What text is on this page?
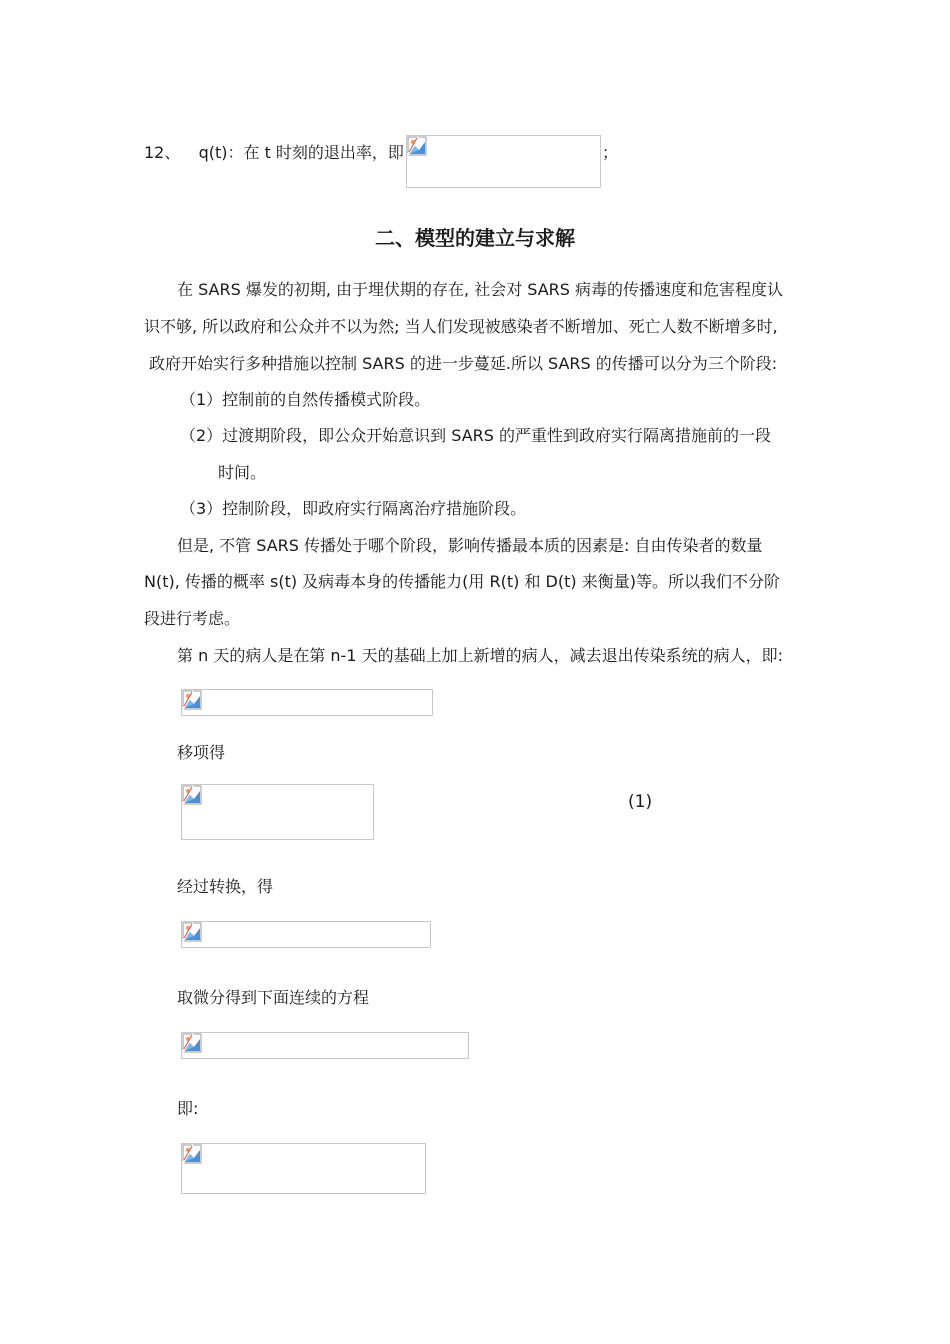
12、 q(t)：在 t 时刻的退出率，即	；
二、模型的建立与求解
在 SARS 爆发的初期, 由于埋伏期的存在, 社会对 SARS 病毒的传播速度和危害程度认
识不够, 所以政府和公众并不以为然; 当人们发现被感染者不断增加、死亡人数不断增多时,
政府开始实行多种措施以控制 SARS 的进一步蔓延.所以 SARS 的传播可以分为三个阶段:
（1）控制前的自然传播模式阶段。
（2）过渡期阶段，即公众开始意识到 SARS 的严重性到政府实行隔离措施前的一段
时间。
（3）控制阶段，即政府实行隔离治疗措施阶段。
但是, 不管 SARS 传播处于哪个阶段，影响传播最本质的因素是: 自由传染者的数量
N(t), 传播的概率 s(t) 及病毒本身的传播能力(用 R(t) 和 D(t) 来衡量)等。所以我们不分阶
段进行考虑。
第 n 天的病人是在第 n-1 天的基础上加上新增的病人，减去退出传染系统的病人，即:
移项得
(1)
经过转换，得
取微分得到下面连续的方程
即:
